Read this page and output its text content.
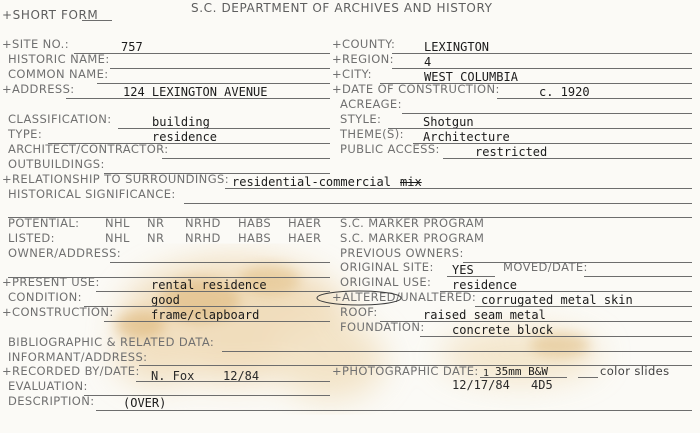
+SHORT FORM	S.C. DEPARTMENT OF ARCHIVES AND HISTORY
+SITE NO.:	757
HISTORIC NAME:
COMMON NAME:
+ADDRESS:	124 LEXINGTON AVENUE
+COUNTY: LEXINGTON
+REGION:	4
+CITY:	WEST COLUMBIA
+DATE OF CONSTRUCTION:	c. 1920
ACREAGE:
CLASSIFICATION:	building
TYPE:	residence
ARCHITECT/CONTRACTOR:
OUTBUILDINGS:
STYLE:	Shotgun
THEME(S): Architecture
PUBLIC ACCESS:	restricted
+RELATIONSHIP TO SURROUNDINGS: residential-commercial mix
HISTORICAL SIGNIFICANCE:
POTENTIAL: NHL NR NRHD HABS HAER
LISTED:	NHL NR NRHD HABS HAER
OWNER/ADDRESS:
S.C. MARKER PROGRAM
S.C. MARKER PROGRAM
PREVIOUS OWNERS:
ORIGINAL SITE: YES	MOVED/DATE:
+PRESENT USE:	rental residence
CONDITION:	good
+CONSTRUCTION:	frame/clapboard
ORIGINAL USE: residence
+ALTERED/UNALTERED: corrugated metal skin
ROOF:	raised seam metal
FOUNDATION: concrete block
BIBLIOGRAPHIC & RELATED DATA:
INFORMANT/ADDRESS:
+RECORDED BY/DATE: N. Fox 12/84
EVALUATION:
DESCRIPTION: (OVER)
+PHOTOGRAPHIC DATE: 1 35mm B&W
12/17/84 4D5
color slides
